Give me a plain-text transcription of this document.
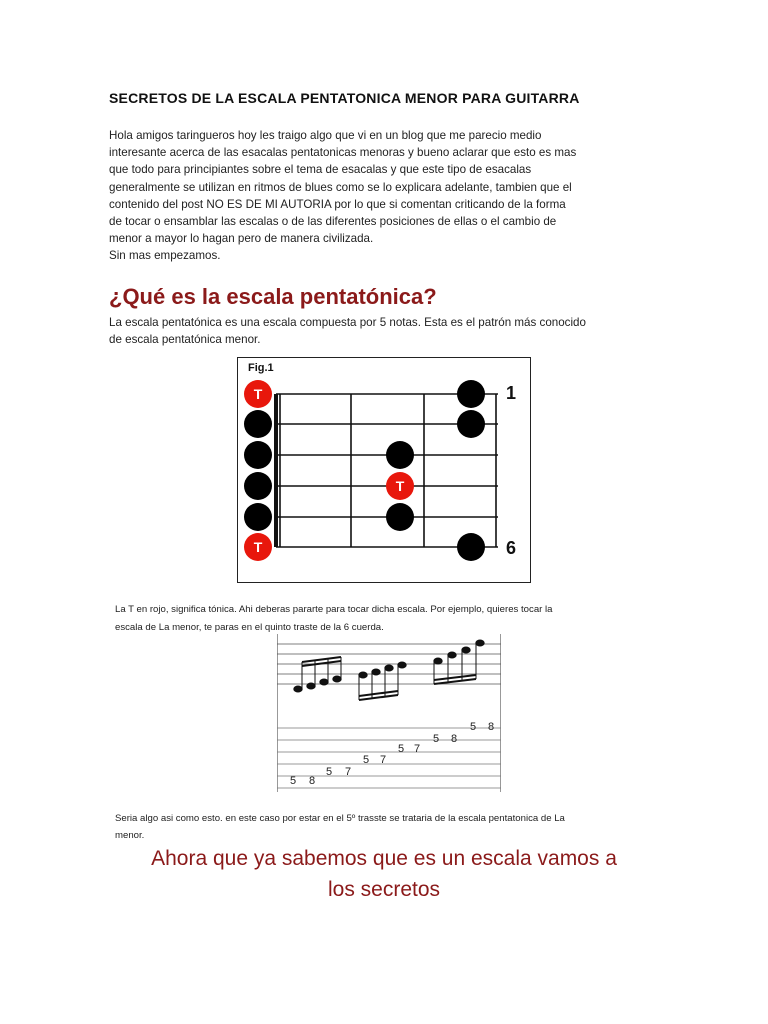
SECRETOS DE LA ESCALA PENTATONICA MENOR PARA GUITARRA
Hola amigos taringueros hoy les traigo algo que vi en un blog que me parecio medio
interesante acerca de las esacalas pentatonicas menoras y bueno aclarar que esto es mas
que todo para principiantes sobre el tema de esacalas y que este tipo de esacalas
generalmente se utilizan en ritmos de blues como se lo explicara adelante, tambien que el
contenido del post NO ES DE MI AUTORIA por lo que si comentan criticando de la forma
de tocar o ensamblar las escalas o de las diferentes posiciones de ellas o el cambio de
menor a mayor lo hagan pero de manera civilizada.
Sin mas empezamos.
¿Qué es la escala pentatónica?
La escala pentatónica es una escala compuesta por 5 notas. Esta es el patrón más conocido
de escala pentatónica menor.
Fig.1
T
T
T
1
6
La T en rojo, significa tónica. Ahi deberas pararte para tocar dicha escala. Por ejemplo, quieres tocar la
escala de La menor, te paras en el quinto traste de la 6 cuerda.
5 8
5 7
5 7
5 7
5 8
5 8
Seria algo asi como esto. en este caso por estar en el 5º trasste se trataria de la escala pentatonica de La
menor.
Ahora que ya sabemos que es un escala vamos a
los secretos
